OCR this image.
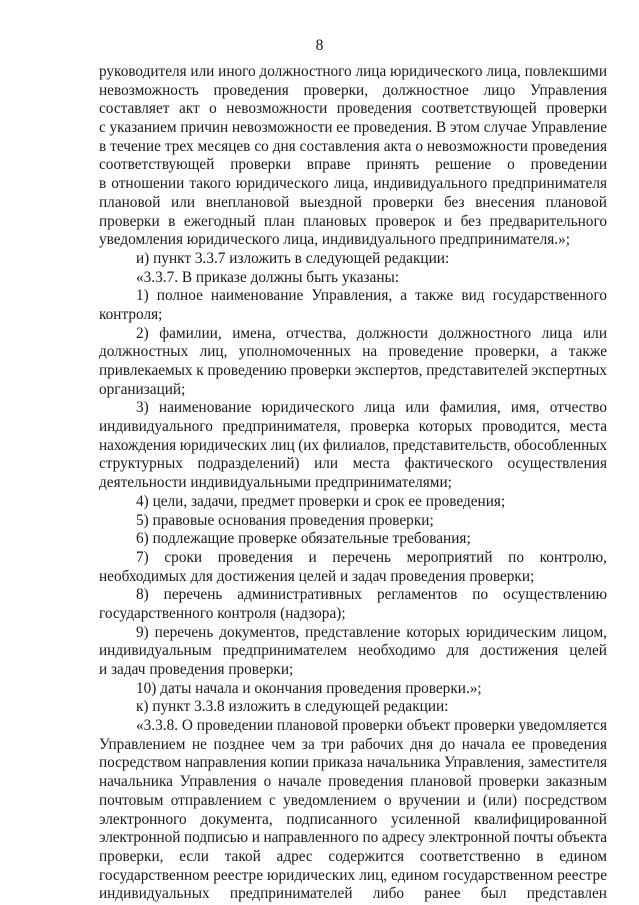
8
руководителя или иного должностного лица юридического лица, повлекшими
невозможность проведения проверки, должностное лицо Управления
составляет акт о невозможности проведения соответствующей проверки
с указанием причин невозможности ее проведения. В этом случае Управление
в течение трех месяцев со дня составления акта о невозможности проведения
соответствующей проверки вправе принять решение о проведении
в отношении такого юридического лица, индивидуального предпринимателя
плановой или внеплановой выездной проверки без внесения плановой
проверки в ежегодный план плановых проверок и без предварительного
уведомления юридического лица, индивидуального предпринимателя.»;
и) пункт 3.3.7 изложить в следующей редакции:
«3.3.7. В приказе должны быть указаны:
1) полное наименование Управления, а также вид государственного
контроля;
2) фамилии, имена, отчества, должности должностного лица или
должностных лиц, уполномоченных на проведение проверки, а также
привлекаемых к проведению проверки экспертов, представителей экспертных
организаций;
3) наименование юридического лица или фамилия, имя, отчество
индивидуального предпринимателя, проверка которых проводится, места
нахождения юридических лиц (их филиалов, представительств, обособленных
структурных подразделений) или места фактического осуществления
деятельности индивидуальными предпринимателями;
4) цели, задачи, предмет проверки и срок ее проведения;
5) правовые основания проведения проверки;
6) подлежащие проверке обязательные требования;
7) сроки проведения и перечень мероприятий по контролю,
необходимых для достижения целей и задач проведения проверки;
8) перечень административных регламентов по осуществлению
государственного контроля (надзора);
9) перечень документов, представление которых юридическим лицом,
индивидуальным предпринимателем необходимо для достижения целей
и задач проведения проверки;
10) даты начала и окончания проведения проверки.»;
к) пункт 3.3.8 изложить в следующей редакции:
«3.3.8. О проведении плановой проверки объект проверки уведомляется
Управлением не позднее чем за три рабочих дня до начала ее проведения
посредством направления копии приказа начальника Управления, заместителя
начальника Управления о начале проведения плановой проверки заказным
почтовым отправлением с уведомлением о вручении и (или) посредством
электронного документа, подписанного усиленной квалифицированной
электронной подписью и направленного по адресу электронной почты объекта
проверки, если такой адрес содержится соответственно в едином
государственном реестре юридических лиц, едином государственном реестре
индивидуальных предпринимателей либо ранее был представлен
